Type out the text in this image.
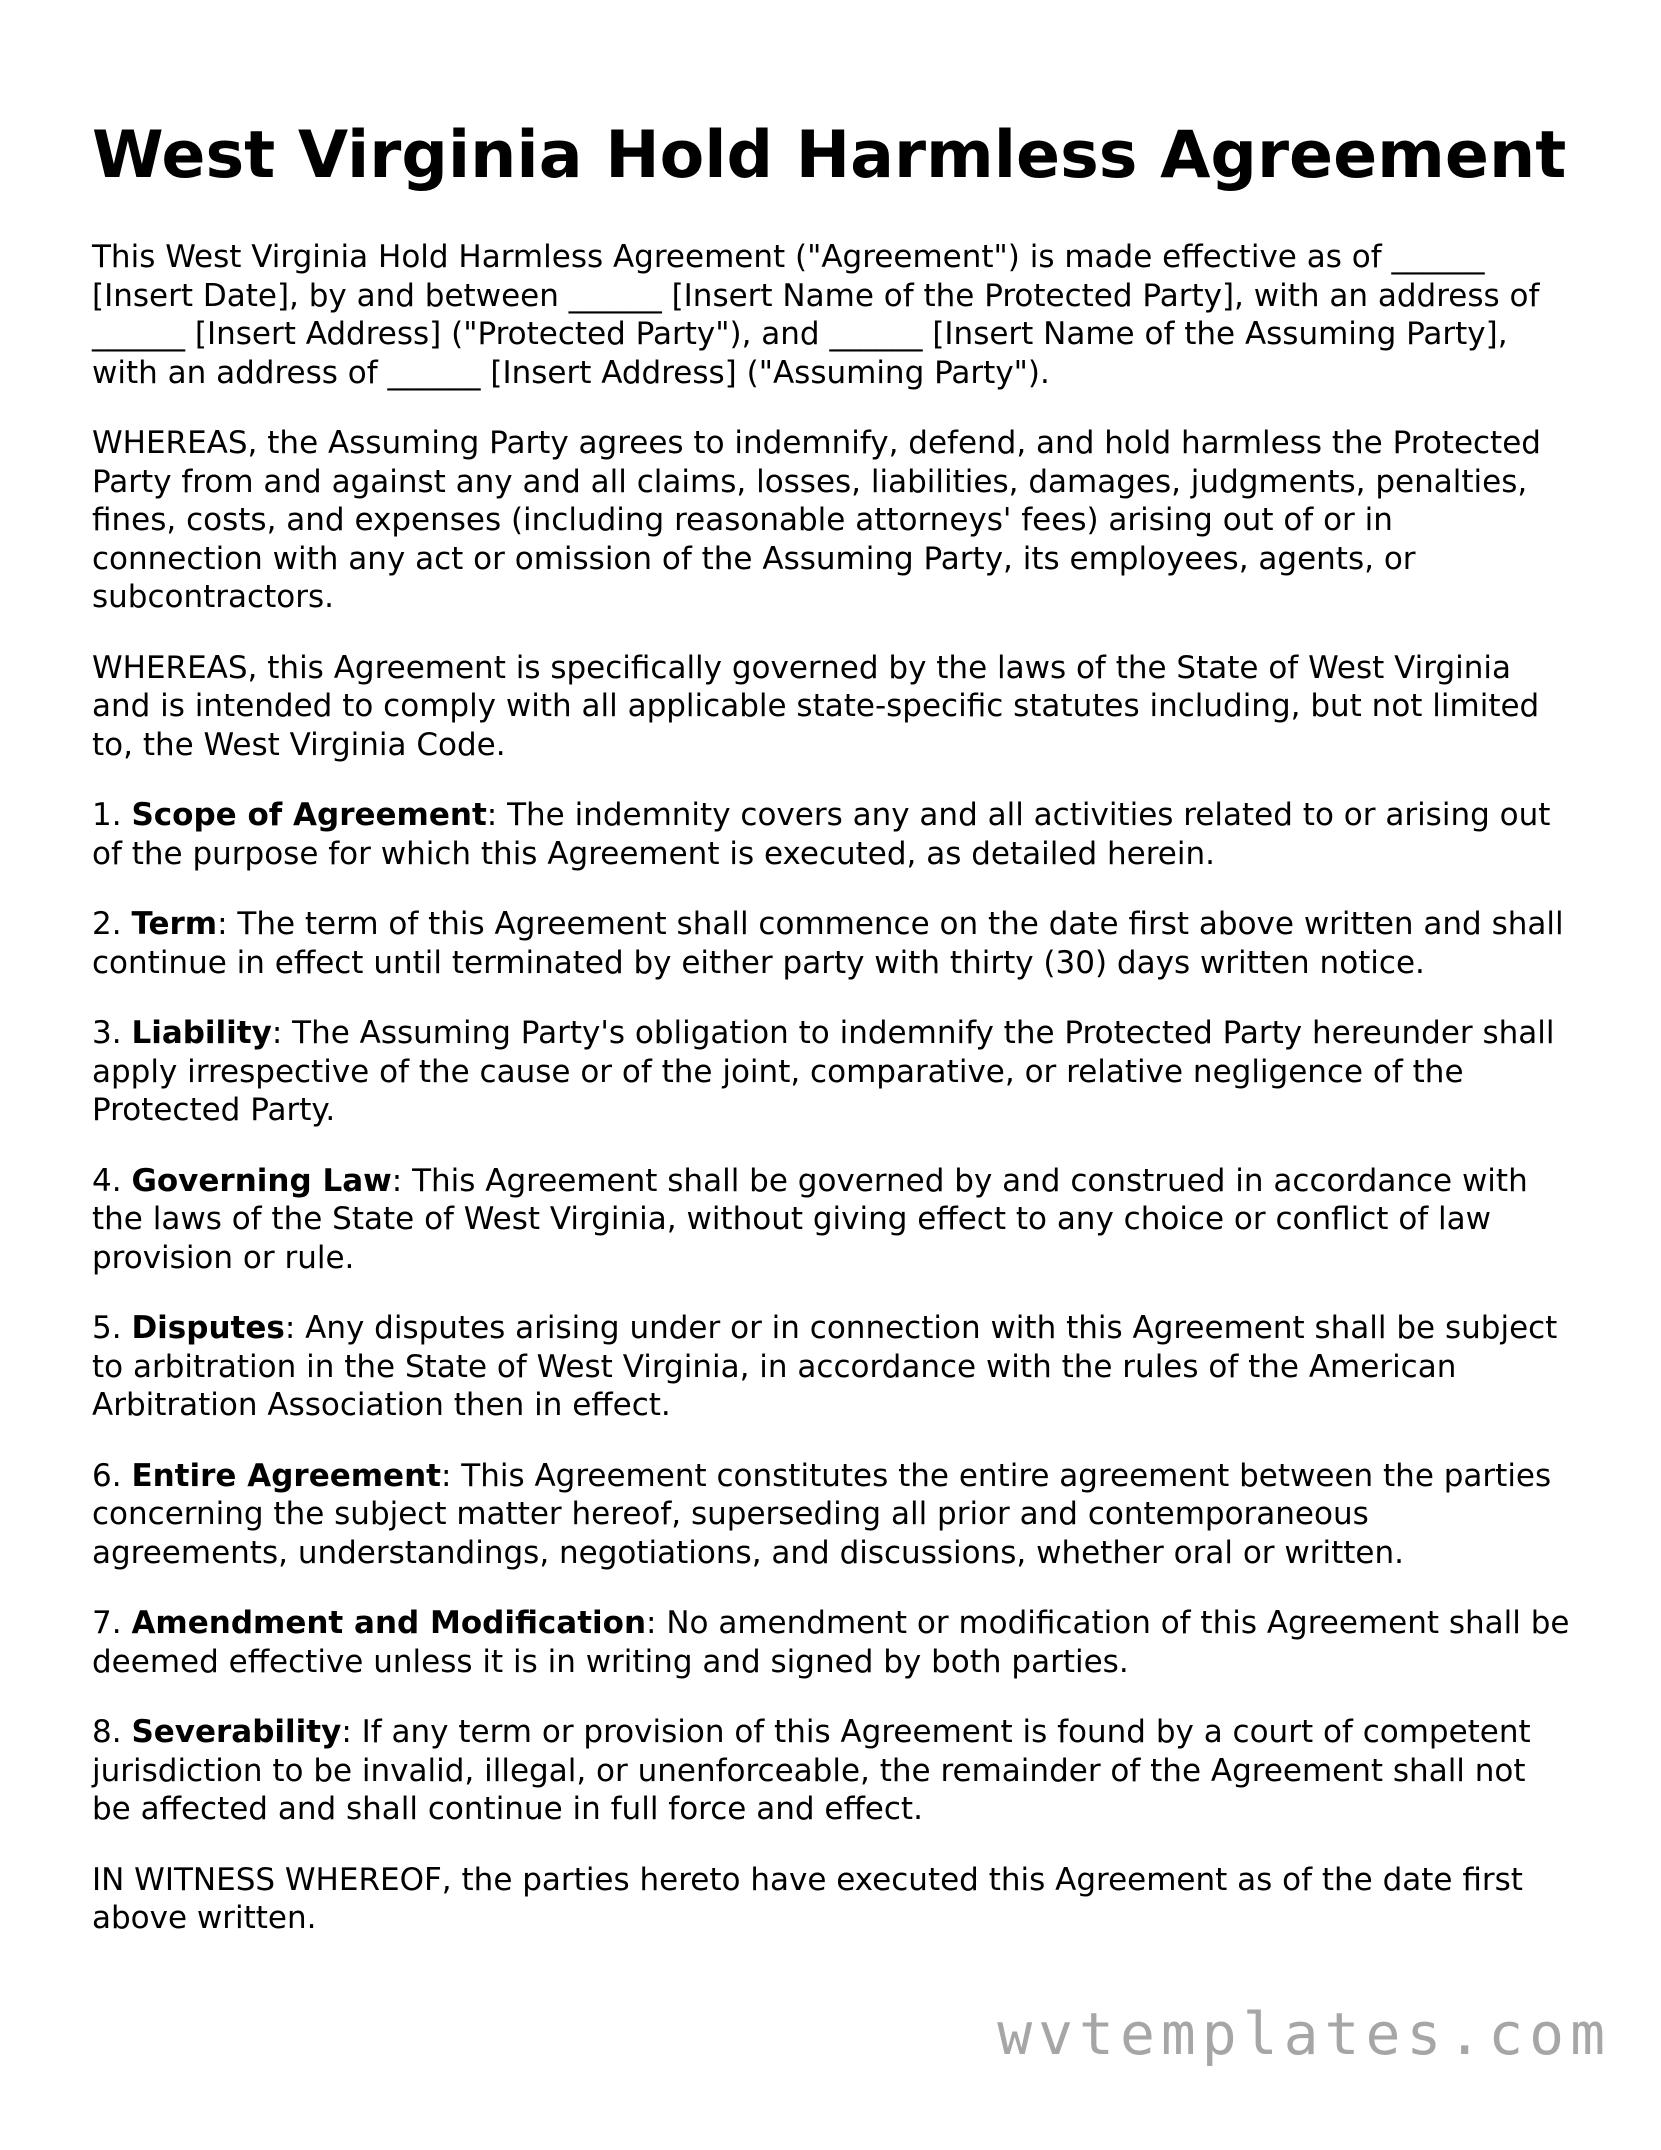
West Virginia Hold Harmless Agreement

This West Virginia Hold Harmless Agreement ("Agreement") is made effective as of ______ [Insert Date], by and between ______ [Insert Name of the Protected Party], with an address of ______ [Insert Address] ("Protected Party"), and ______ [Insert Name of the Assuming Party], with an address of ______ [Insert Address] ("Assuming Party").

WHEREAS, the Assuming Party agrees to indemnify, defend, and hold harmless the Protected Party from and against any and all claims, losses, liabilities, damages, judgments, penalties, fines, costs, and expenses (including reasonable attorneys' fees) arising out of or in connection with any act or omission of the Assuming Party, its employees, agents, or subcontractors.

WHEREAS, this Agreement is specifically governed by the laws of the State of West Virginia and is intended to comply with all applicable state-specific statutes including, but not limited to, the West Virginia Code.

1. Scope of Agreement: The indemnity covers any and all activities related to or arising out of the purpose for which this Agreement is executed, as detailed herein.

2. Term: The term of this Agreement shall commence on the date first above written and shall continue in effect until terminated by either party with thirty (30) days written notice.

3. Liability: The Assuming Party's obligation to indemnify the Protected Party hereunder shall apply irrespective of the cause or of the joint, comparative, or relative negligence of the Protected Party.

4. Governing Law: This Agreement shall be governed by and construed in accordance with the laws of the State of West Virginia, without giving effect to any choice or conflict of law provision or rule.

5. Disputes: Any disputes arising under or in connection with this Agreement shall be subject to arbitration in the State of West Virginia, in accordance with the rules of the American Arbitration Association then in effect.

6. Entire Agreement: This Agreement constitutes the entire agreement between the parties concerning the subject matter hereof, superseding all prior and contemporaneous agreements, understandings, negotiations, and discussions, whether oral or written.

7. Amendment and Modification: No amendment or modification of this Agreement shall be deemed effective unless it is in writing and signed by both parties.

8. Severability: If any term or provision of this Agreement is found by a court of competent jurisdiction to be invalid, illegal, or unenforceable, the remainder of the Agreement shall not be affected and shall continue in full force and effect.

IN WITNESS WHEREOF, the parties hereto have executed this Agreement as of the date first above written.

wvtemplates.com
